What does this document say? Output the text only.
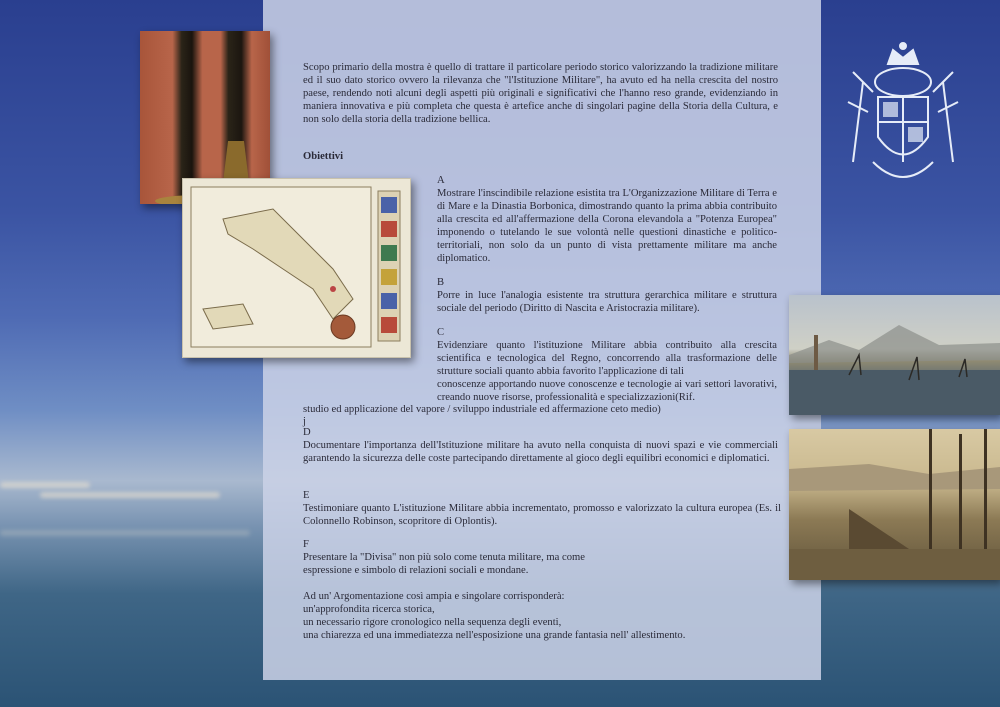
Scopo primario della mostra è quello di trattare il particolare periodo storico valorizzando la tradizione militare ed il suo dato storico ovvero la rilevanza che "l'Istituzione Militare", ha avuto ed ha nella crescita del nostro paese, rendendo noti alcuni degli aspetti più originali e significativi che l'hanno reso grande, evidenziando in maniera innovativa e più completa che questa è artefice anche di singolari pagine della Storia della Cultura, e non solo della storia della tradizione bellica.
Obiettivi

A

Mostrare l'inscindibile relazione esistita tra L'Organizzazione Militare di Terra e di Mare e la Dinastia Borbonica, dimostrando quanto la prima abbia contribuito alla crescita ed all'affermazione della Corona elevandola a "Potenza Europea" imponendo o tutelando le sue volontà nelle questioni dinastiche e politico-territoriali, non solo da un punto di vista prettamente militare ma anche diplomatico.

B

Porre in luce l'analogia esistente tra struttura gerarchica militare e struttura sociale del periodo (Diritto di Nascita e Aristocrazia militare).

C

Evidenziare quanto l'istituzione Militare abbia contribuito alla crescita scientifica e tecnologica del Regno, concorrendo alla trasformazione delle strutture sociali quanto abbia favorito l'applicazione di tali

conoscenze apportando nuove conoscenze e tecnologie ai vari settori lavorativi, creando nuove risorse, professionalità e specializzazioni(Rif.

studio ed applicazione del vapore / sviluppo industriale ed affermazione ceto medio)
j

D

Documentare l'importanza dell'Istituzione militare ha avuto nella conquista di nuovi spazi e vie commerciali garantendo la sicurezza delle coste partecipando direttamente al gioco degli equilibri economici e diplomatici.

E

Testimoniare quanto L'istituzione Militare abbia incrementato, promosso e valorizzato la cultura europea (Es. il Colonnello Robinson, scopritore di Oplontis).

F

Presentare la "Divisa" non più solo come tenuta militare, ma come

espressione e simbolo di relazioni sociali e mondane.

Ad un' Argomentazione così ampia e singolare corrisponderà:

un'approfondita ricerca storica,

un necessario rigore cronologico nella sequenza degli eventi,

una chiarezza ed una immediatezza nell'esposizione una grande fantasia nell' allestimento.
